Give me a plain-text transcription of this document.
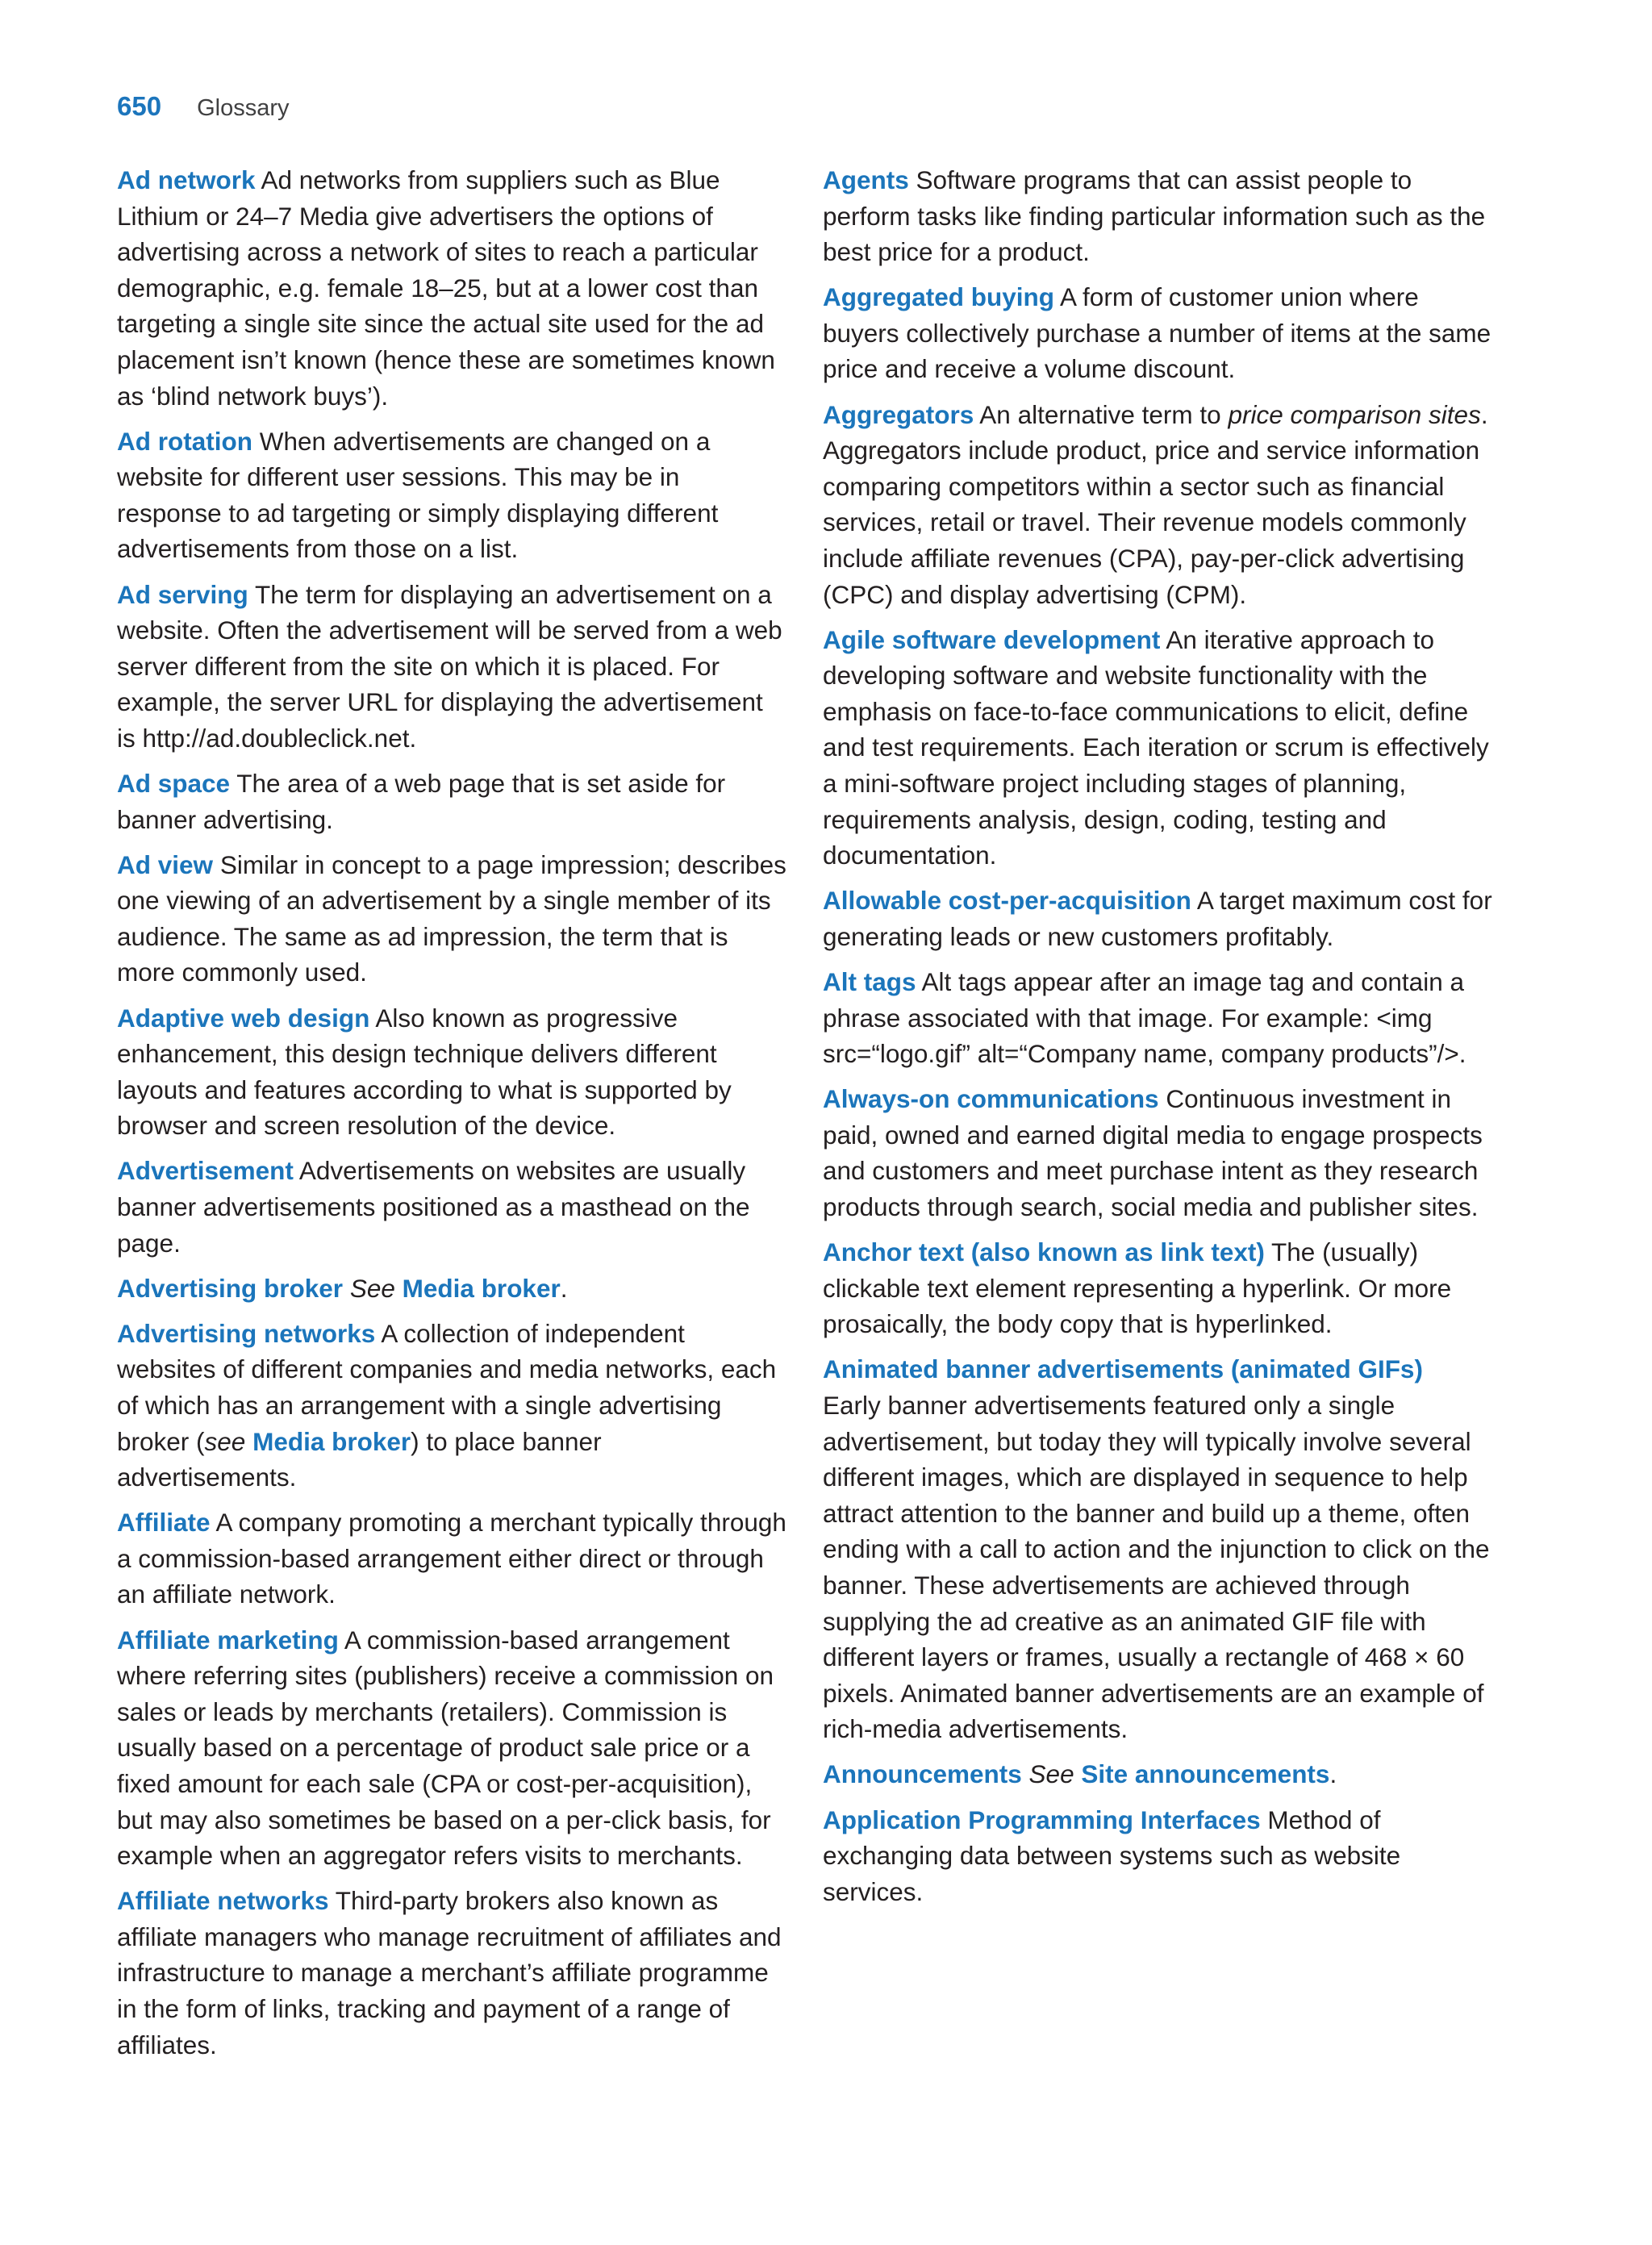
650 Glossary

Ad network Ad networks from suppliers such as Blue Lithium or 24–7 Media give advertisers the options of advertising across a network of sites to reach a particular demographic, e.g. female 18–25, but at a lower cost than targeting a single site since the actual site used for the ad placement isn’t known (hence these are sometimes known as ‘blind network buys’).

Ad rotation When advertisements are changed on a website for different user sessions. This may be in response to ad targeting or simply displaying different advertisements from those on a list.

Ad serving The term for displaying an advertisement on a website. Often the advertisement will be served from a web server different from the site on which it is placed. For example, the server URL for displaying the advertisement is http://ad.doubleclick.net.

Ad space The area of a web page that is set aside for banner advertising.

Ad view Similar in concept to a page impression; describes one viewing of an advertisement by a single member of its audience. The same as ad impression, the term that is more commonly used.

Adaptive web design Also known as progressive enhancement, this design technique delivers different layouts and features according to what is supported by browser and screen resolution of the device.

Advertisement Advertisements on websites are usually banner advertisements positioned as a masthead on the page.

Advertising broker See Media broker.

Advertising networks A collection of independent websites of different companies and media networks, each of which has an arrangement with a single advertising broker (see Media broker) to place banner advertisements.

Affiliate A company promoting a merchant typically through a commission-based arrangement either direct or through an affiliate network.

Affiliate marketing A commission-based arrangement where referring sites (publishers) receive a commission on sales or leads by merchants (retailers). Commission is usually based on a percentage of product sale price or a fixed amount for each sale (CPA or cost-per-acquisition), but may also sometimes be based on a per-click basis, for example when an aggregator refers visits to merchants.

Affiliate networks Third-party brokers also known as affiliate managers who manage recruitment of affiliates and infrastructure to manage a merchant’s affiliate programme in the form of links, tracking and payment of a range of affiliates.

Agents Software programs that can assist people to perform tasks like finding particular information such as the best price for a product.

Aggregated buying A form of customer union where buyers collectively purchase a number of items at the same price and receive a volume discount.

Aggregators An alternative term to price comparison sites. Aggregators include product, price and service information comparing competitors within a sector such as financial services, retail or travel. Their revenue models commonly include affiliate revenues (CPA), pay-per-click advertising (CPC) and display advertising (CPM).

Agile software development An iterative approach to developing software and website functionality with the emphasis on face-to-face communications to elicit, define and test requirements. Each iteration or scrum is effectively a mini-software project including stages of planning, requirements analysis, design, coding, testing and documentation.

Allowable cost-per-acquisition A target maximum cost for generating leads or new customers profitably.

Alt tags Alt tags appear after an image tag and contain a phrase associated with that image. For example: <img src=“logo.gif” alt=“Company name, company products”/>.

Always-on communications Continuous investment in paid, owned and earned digital media to engage prospects and customers and meet purchase intent as they research products through search, social media and publisher sites.

Anchor text (also known as link text) The (usually) clickable text element representing a hyperlink. Or more prosaically, the body copy that is hyperlinked.

Animated banner advertisements (animated GIFs)
Early banner advertisements featured only a single advertisement, but today they will typically involve several different images, which are displayed in sequence to help attract attention to the banner and build up a theme, often ending with a call to action and the injunction to click on the banner. These advertisements are achieved through supplying the ad creative as an animated GIF file with different layers or frames, usually a rectangle of 468 × 60 pixels. Animated banner advertisements are an example of rich-media advertisements.

Announcements See Site announcements.

Application Programming Interfaces Method of exchanging data between systems such as website services.
